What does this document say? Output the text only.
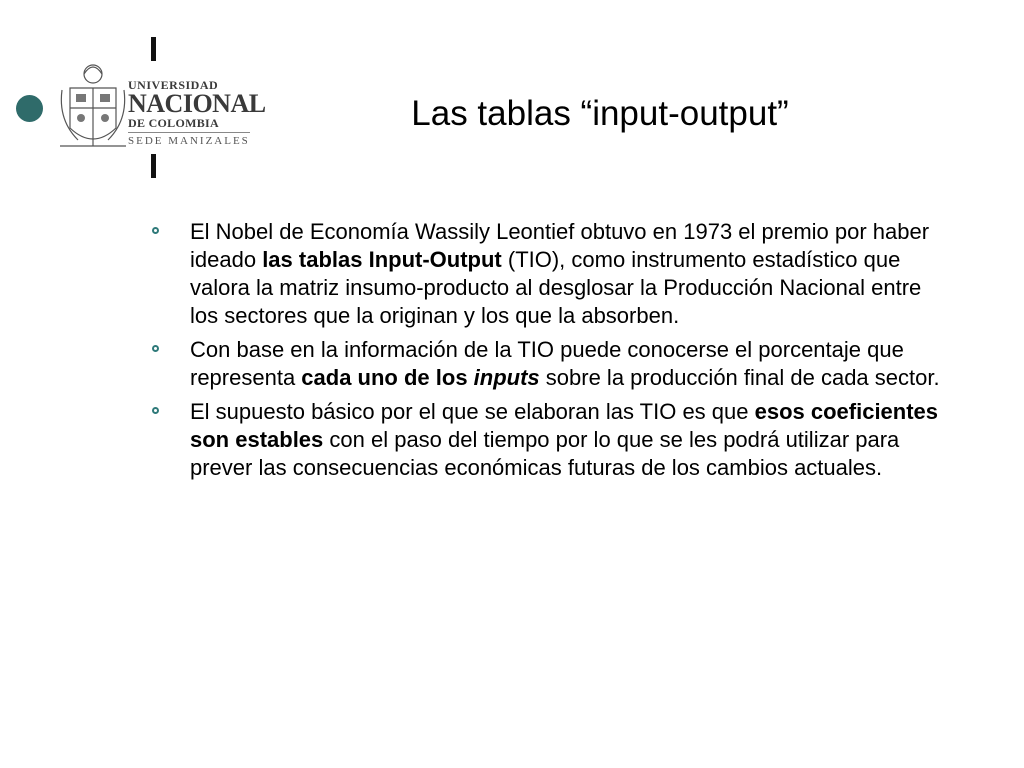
UNIVERSIDAD
NACIONAL
DE COLOMBIA
SEDE MANIZALES
Las tablas “input-output”
El Nobel de Economía Wassily Leontief obtuvo en 1973 el premio por haber ideado las tablas Input-Output (TIO), como instrumento estadístico que valora la matriz insumo-producto al desglosar la Producción Nacional entre los sectores que la originan y los que la absorben.
Con base en la información de la TIO puede conocerse el porcentaje que representa cada uno de los inputs sobre la producción final de cada sector.
El supuesto básico por el que se elaboran las TIO es que esos coeficientes son estables con el paso del tiempo por lo que se les podrá utilizar para prever las consecuencias económicas futuras de los cambios actuales.
